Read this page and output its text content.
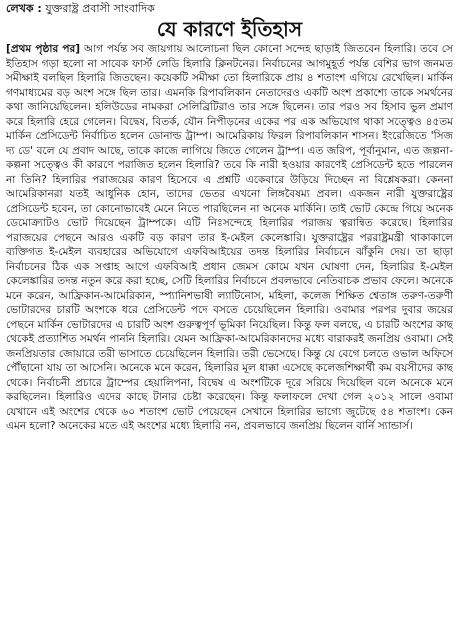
লেখক : যুক্তরাষ্ট্র প্রবাসী সাংবাদিক
যে কারণে ইতিহাস

[প্রথম পৃষ্ঠার পর] আগ পর্যন্ত সব জায়গায় আলোচনা ছিল কোনো সন্দেহ ছাড়াই জিতবেন হিলারি। তবে সে ইতিহাস গড়া হলো না সাবেক ফার্স্ট লেডি হিলারি ক্লিনটনের। নির্বাচনের আগমুহূর্ত পর্যন্ত বেশির ভাগ জনমত সমীক্ষাই বলছিল হিলারি জিতছেন। কয়েকটি সমীক্ষা তো হিলারিকে প্রায় ৪ শতাংশ এগিয়ে রেখেছিল। মার্কিন গণমাধ্যমের বড় অংশ সঙ্গে ছিল তার। এমনকি রিপাবলিকান নেতাদেরও একটি অংশ প্রকাশ্যে তাকে সমর্থনের কথা জানিয়েছিলেন। হলিউডের নামকরা সেলিব্রিটিরাও তার সঙ্গে ছিলেন। তার পরও সব হিসাব ভুল প্রমাণ করে হিলারি হেরে গেলেন। বিদ্বেষ, বিতর্ক, যৌন নিপীড়নের একের পর এক অভিযোগ থাকা সত্ত্বেও ৪৫তম মার্কিন প্রেসিডেন্ট নির্বাচিত হলেন ডোনাল্ড ট্রাম্প। আমেরিকায় ফিরল রিপাবলিকান শাসন। ইংরেজিতে 'সিজ দ্য ডে' বলে যে প্রবাদ আছে, তাকে কাজে লাগিয়ে জিতে গেলেন ট্রাম্প। এত জরিপ, পূর্বানুমান, এত জল্পনা-কল্পনা সত্ত্বেও কী কারণে পরাজিত হলেন হিলারি? তবে কি নারী হওয়ার কারণেই প্রেসিডেন্ট হতে পারলেন না তিনি? হিলারির পরাজয়ের কারণ হিসেবে এ প্রশ্নটি একেবারে উড়িয়ে দিচ্ছেন না বিশ্লেষকরা। কেননা আমেরিকানরা যতই আধুনিক হোন, তাদের ভেতর এখনো লিঙ্গবৈষম্য প্রবল। একজন নারী যুক্তরাষ্ট্রের প্রেসিডেন্ট হবেন, তা কোনোভাবেই মেনে নিতে পারছিলেন না অনেক মার্কিনি। তাই ভোট কেন্দ্রে গিয়ে অনেক ডেমোক্র্যাটও ভোট দিয়েছেন ট্রাম্পকে। এটি নিঃসন্দেহে হিলারির পরাজয় ত্বরান্বিত করেছে। হিলারির পরাজয়ের পেছনে আরও একটি বড় কারণ তার ই-মেইল কেলেঙ্কারি। যুক্তরাষ্ট্রের পররাষ্ট্রমন্ত্রী থাকাকালে ব্যক্তিগত ই-মেইল ব্যবহারের অভিযোগে এফবিআইয়ের তদন্ত হিলারির নির্বাচনে ঝাঁকুনি দেয়। তা ছাড়া নির্বাচনের ঠিক এক সপ্তাহ আগে এফবিআই প্রধান জেমস কোমে যখন ঘোষণা দেন, হিলারির ই-মেইল কেলেঙ্কারির তদন্ত নতুন করে করা হচ্ছে, সেটি হিলারির নির্বাচনে প্রবলভাবে নেতিবাচক প্রভাব ফেলে। অনেকে মনে করেন, আফ্রিকান-আমেরিকান, স্প্যানিশভাষী ল্যাটিনোস, মহিলা, কলেজ শিক্ষিত শ্বেতাঙ্গ তরুণ-তরুণী ভোটারদের চারটি অংশকে ধরে প্রেসিডেন্ট পদে বসতে চেয়েছিলেন হিলারি। ওবামার পরপর দুবার জয়ের পেছনে মার্কিন ভোটারদের এ চারটি অংশ গুরুত্বপূর্ণ ভূমিকা নিয়েছিল। কিন্তু ফল বলছে, এ চারটি অংশের কাছ থেকেই প্রত্যাশিত সমর্থন পাননি হিলারি। যেমন আফ্রিকা-আমেরিকানদের মধ্যে বারাকরই জনপ্রিয় ওবামা। সেই জনপ্রিয়তার জোয়ারে তরী ভাসাতে চেয়েছিলেন হিলারি। তরী ভেসেছে। কিন্তু যে বেগে চলতে ওভাল অফিসে পৌঁছানো যায় তা আসেনি। অনেকে মনে করেন, হিলারির মূল ধাক্কা এসেছে কলেজশিক্ষার্থী কম বয়সীদের কাছ থেকে। নির্বাচনী প্রচারে ট্রাম্পের হেয়ালিপনা, বিদ্বেষ এ অংশটিকে দূরে সরিয়ে দিয়েছিল বলে অনেকে মনে করছিলেন। হিলারিও এদের কাছে টানার চেষ্টা করেছেন। কিন্তু ফলাফলে দেখা গেল ২০১২ সালে ওবামা যেখানে এই অংশের থেকে ৬০ শতাংশ ভোট পেয়েছেন সেখানে হিলারির ভাগ্যে জুটেছে ৫৪ শতাংশ। কেন এমন হলো? অনেকের মতে এই অংশের মধ্যে হিলারি নন, প্রবলভাবে জনপ্রিয় ছিলেন বার্নি স্যান্ডার্স।
